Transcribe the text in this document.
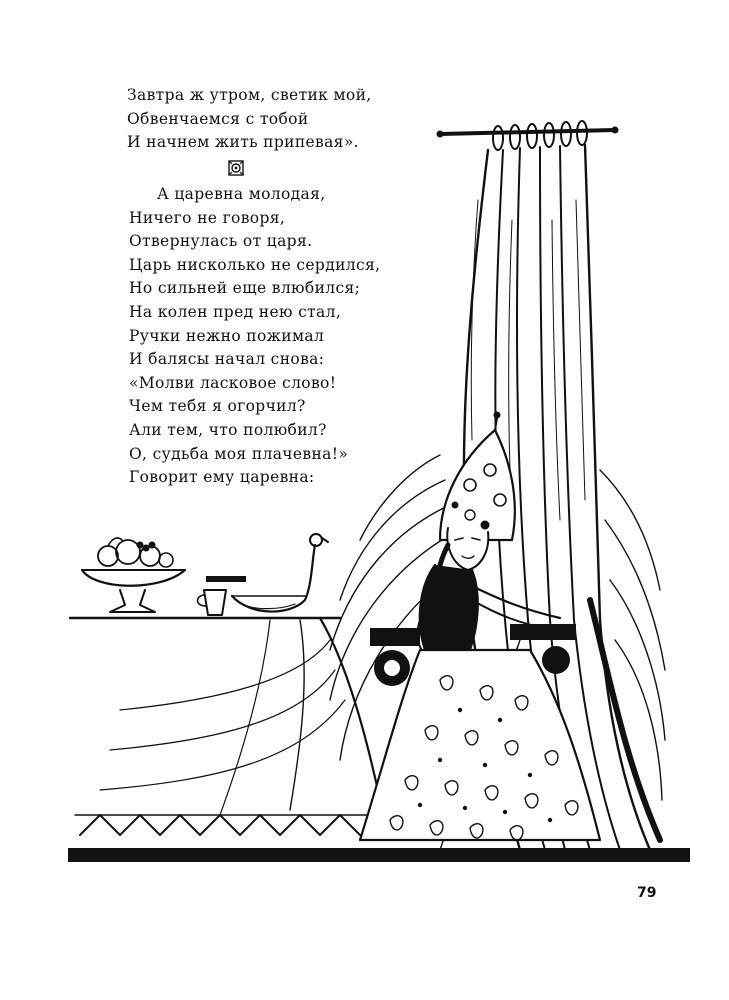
Завтра ж утром, светик мой,
Обвенчаемся с тобой
И начнем жить припевая».
А царевна молодая,
Ничего не говоря,
Отвернулась от царя.
Царь нисколько не сердился,
Но сильней еще влюбился;
На колен пред нею стал,
Ручки нежно пожимал
И балясы начал снова:
«Молви ласковое слово!
Чем тебя я огорчил?
Али тем, что полюбил?
О, судьба моя плачевна!»
Говорит ему царевна:
79
